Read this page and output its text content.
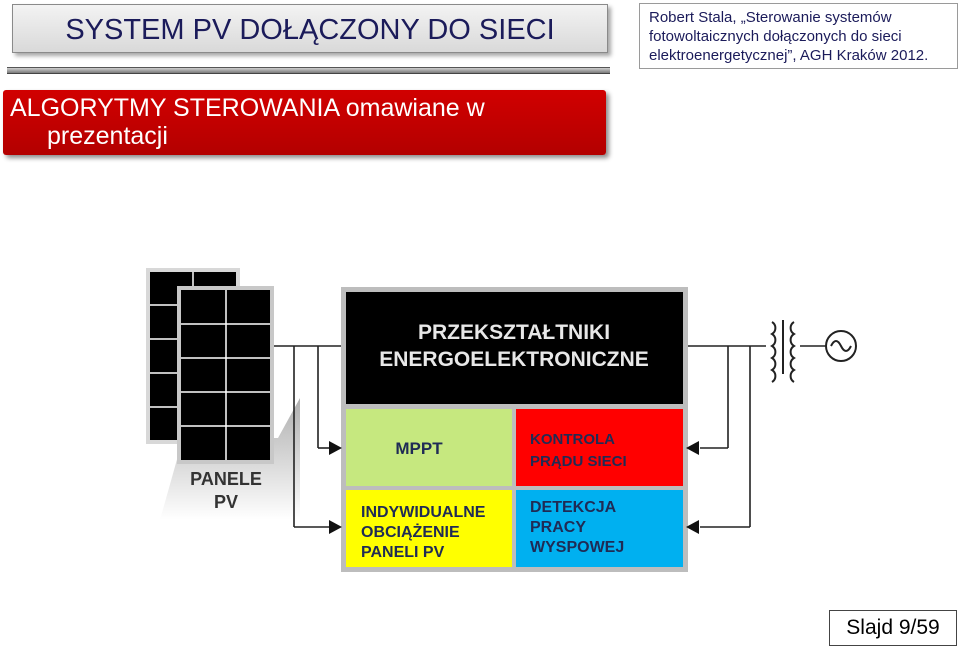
SYSTEM PV DOŁĄCZONY DO SIECI	Robert Stala, „Sterowanie systemów
fotowoltaicznych dołączonych do sieci
elektroenergetycznej”, AGH Kraków 2012.
ALGORYTMY STEROWANIA omawiane w
prezentacji
PANELE
PV
PRZEKSZTAŁTNIKI
ENERGOELEKTRONICZNE
MPPT	KONTROLA
PRĄDU SIECI
INDYWIDUALNE
OBCIĄŻENIE
PANELI PV
DETEKCJA
PRACY
WYSPOWEJ
Slajd 9/59
